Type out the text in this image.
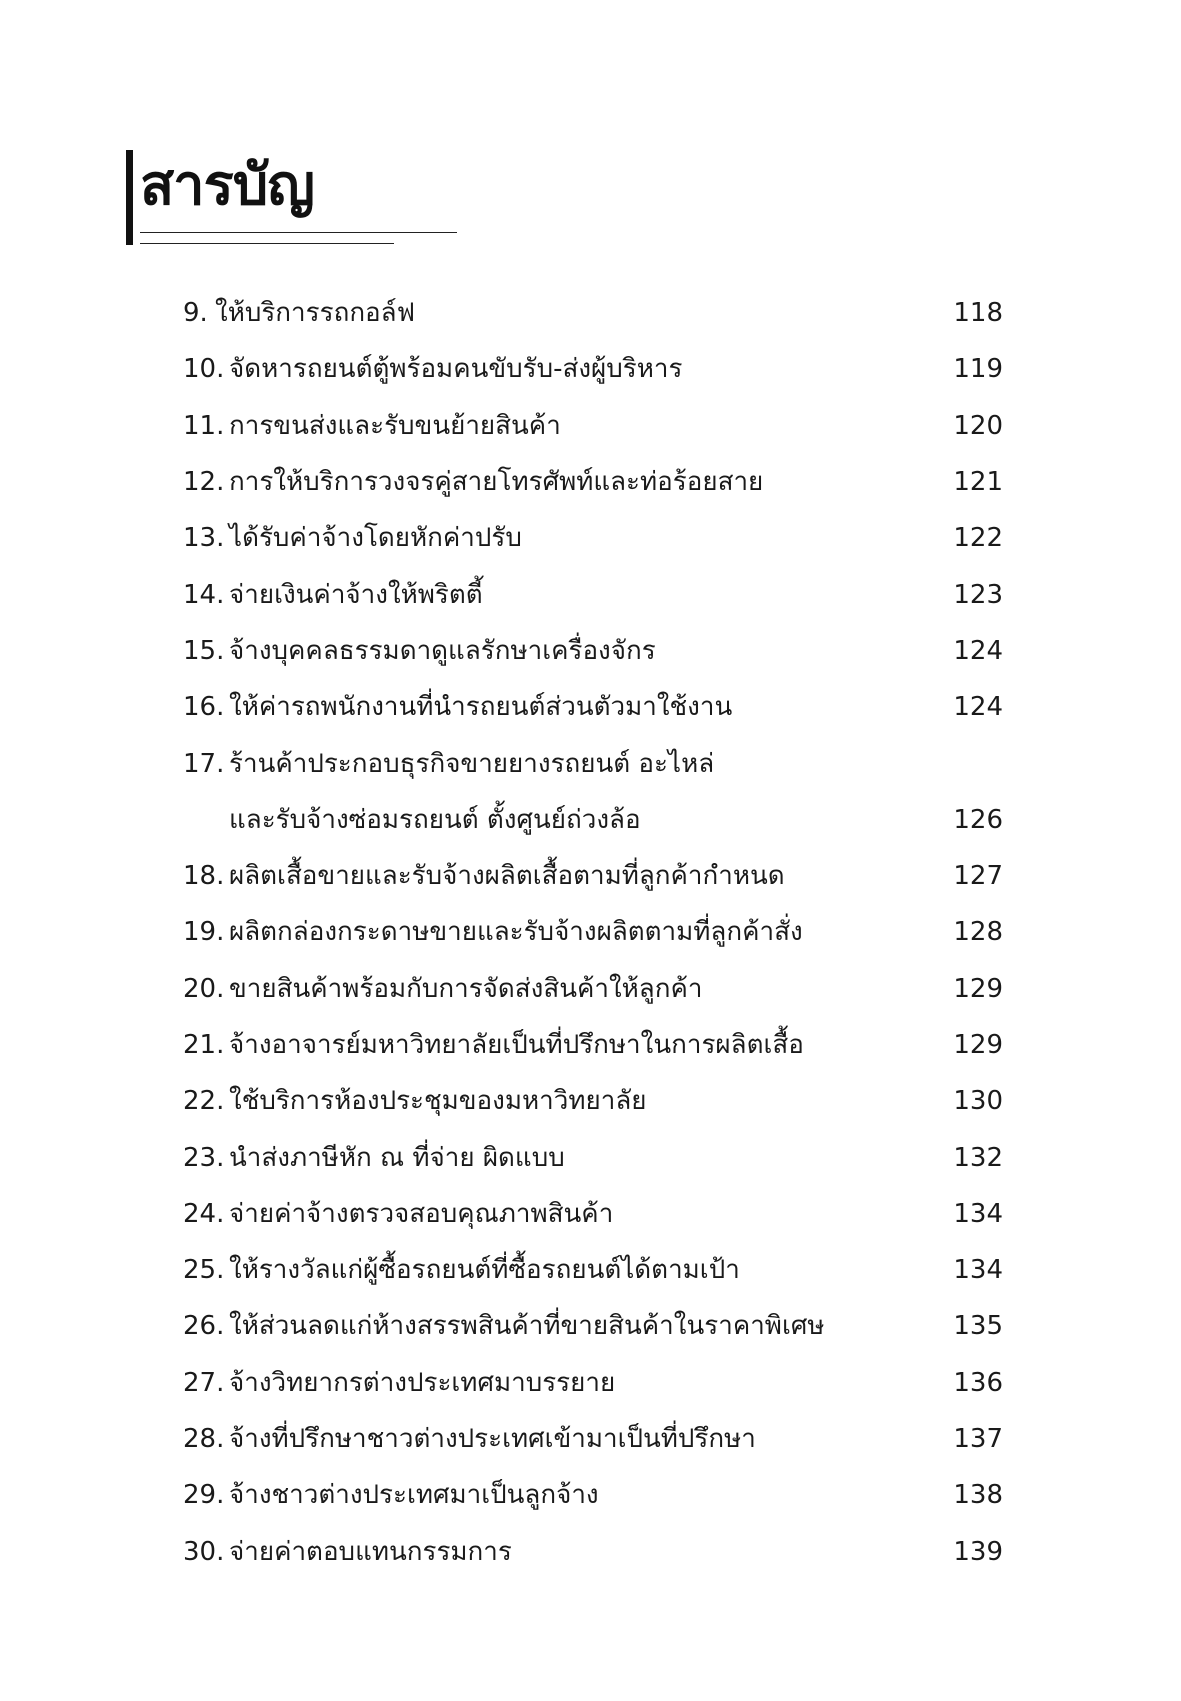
สารบัญ
9. ให้บริการรถกอล์ฟ	118
10. จัดหารถยนต์ตู้พร้อมคนขับรับ-ส่งผู้บริหาร	119
11. การขนส่งและรับขนย้ายสินค้า	120
12. การให้บริการวงจรคู่สายโทรศัพท์และท่อร้อยสาย	121
13. ได้รับค่าจ้างโดยหักค่าปรับ	122
14. จ่ายเงินค่าจ้างให้พริตตี้	123
15. จ้างบุคคลธรรมดาดูแลรักษาเครื่องจักร	124
16. ให้ค่ารถพนักงานที่นำรถยนต์ส่วนตัวมาใช้งาน	124
17. ร้านค้าประกอบธุรกิจขายยางรถยนต์ อะไหล่
และรับจ้างซ่อมรถยนต์ ตั้งศูนย์ถ่วงล้อ	126
18. ผลิตเสื้อขายและรับจ้างผลิตเสื้อตามที่ลูกค้ากำหนด	127
19. ผลิตกล่องกระดาษขายและรับจ้างผลิตตามที่ลูกค้าสั่ง	128
20. ขายสินค้าพร้อมกับการจัดส่งสินค้าให้ลูกค้า	129
21. จ้างอาจารย์มหาวิทยาลัยเป็นที่ปรึกษาในการผลิตเสื้อ	129
22. ใช้บริการห้องประชุมของมหาวิทยาลัย	130
23. นำส่งภาษีหัก ณ ที่จ่าย ผิดแบบ	132
24. จ่ายค่าจ้างตรวจสอบคุณภาพสินค้า	134
25. ให้รางวัลแก่ผู้ซื้อรถยนต์ที่ซื้อรถยนต์ได้ตามเป้า	134
26. ให้ส่วนลดแก่ห้างสรรพสินค้าที่ขายสินค้าในราคาพิเศษ	135
27. จ้างวิทยากรต่างประเทศมาบรรยาย	136
28. จ้างที่ปรึกษาชาวต่างประเทศเข้ามาเป็นที่ปรึกษา	137
29. จ้างชาวต่างประเทศมาเป็นลูกจ้าง	138
30. จ่ายค่าตอบแทนกรรมการ	139
